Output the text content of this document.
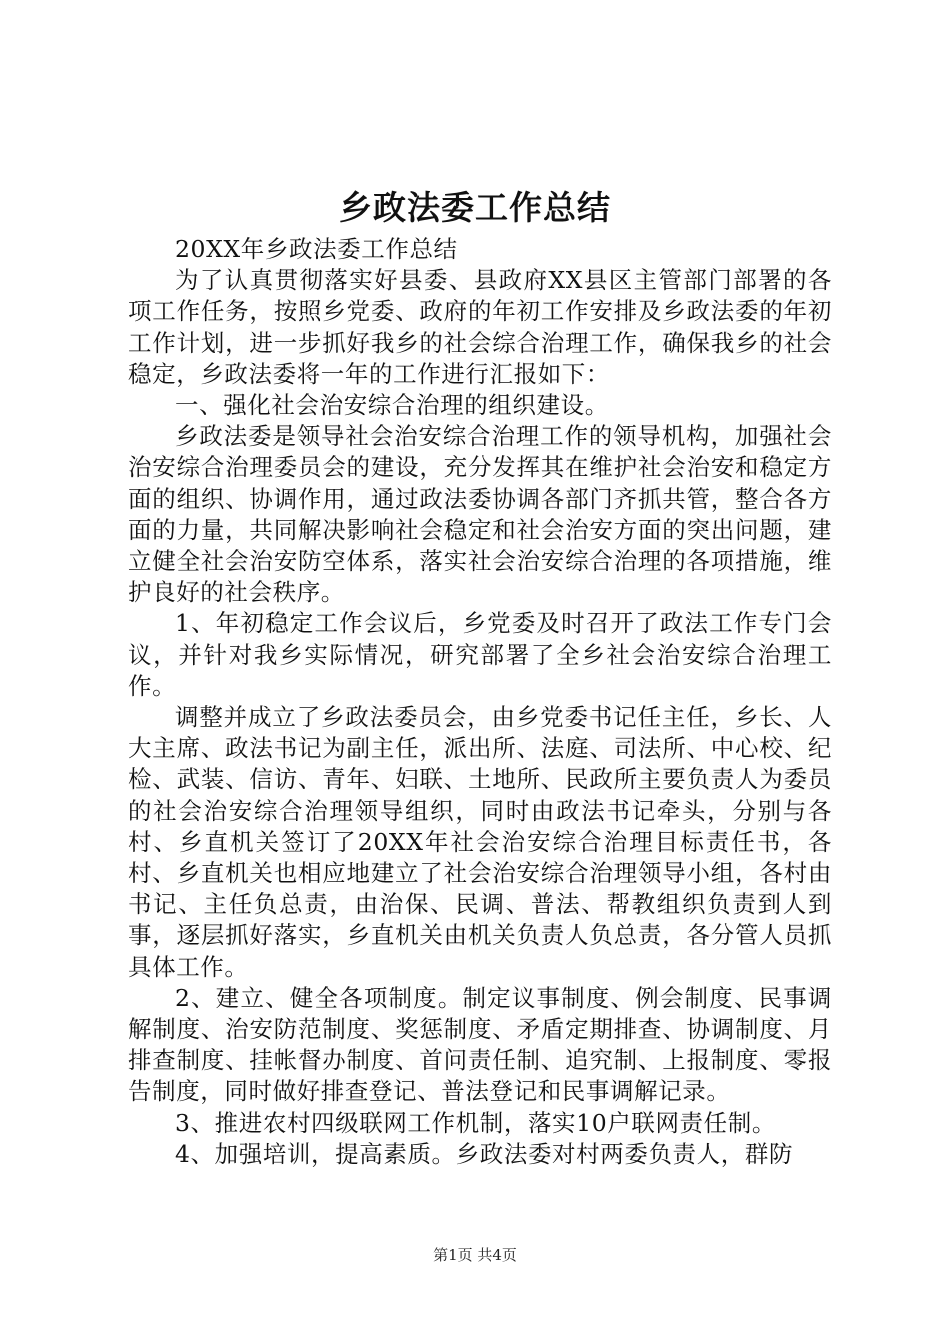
乡政法委工作总结

20XX年乡政法委工作总结

为了认真贯彻落实好县委、县政府XX县区主管部门部署的各项工作任务，按照乡党委、政府的年初工作安排及乡政法委的年初工作计划，进一步抓好我乡的社会综合治理工作，确保我乡的社会稳定，乡政法委将一年的工作进行汇报如下：

一、强化社会治安综合治理的组织建设。

乡政法委是领导社会治安综合治理工作的领导机构，加强社会治安综合治理委员会的建设，充分发挥其在维护社会治安和稳定方面的组织、协调作用，通过政法委协调各部门齐抓共管，整合各方面的力量，共同解决影响社会稳定和社会治安方面的突出问题，建立健全社会治安防空体系，落实社会治安综合治理的各项措施，维护良好的社会秩序。

1、年初稳定工作会议后，乡党委及时召开了政法工作专门会议，并针对我乡实际情况，研究部署了全乡社会治安综合治理工作。

调整并成立了乡政法委员会，由乡党委书记任主任，乡长、人大主席、政法书记为副主任，派出所、法庭、司法所、中心校、纪检、武装、信访、青年、妇联、土地所、民政所主要负责人为委员的社会治安综合治理领导组织，同时由政法书记牵头，分别与各村、乡直机关签订了20XX年社会治安综合治理目标责任书，各村、乡直机关也相应地建立了社会治安综合治理领导小组，各村由书记、主任负总责，由治保、民调、普法、帮教组织负责到人到事，逐层抓好落实，乡直机关由机关负责人负总责，各分管人员抓具体工作。

2、建立、健全各项制度。制定议事制度、例会制度、民事调解制度、治安防范制度、奖惩制度、矛盾定期排查、协调制度、月排查制度、挂帐督办制度、首问责任制、追究制、上报制度、零报告制度，同时做好排查登记、普法登记和民事调解记录。

3、推进农村四级联网工作机制，落实10户联网责任制。

4、加强培训，提高素质。乡政法委对村两委负责人，群防

第1页 共4页
